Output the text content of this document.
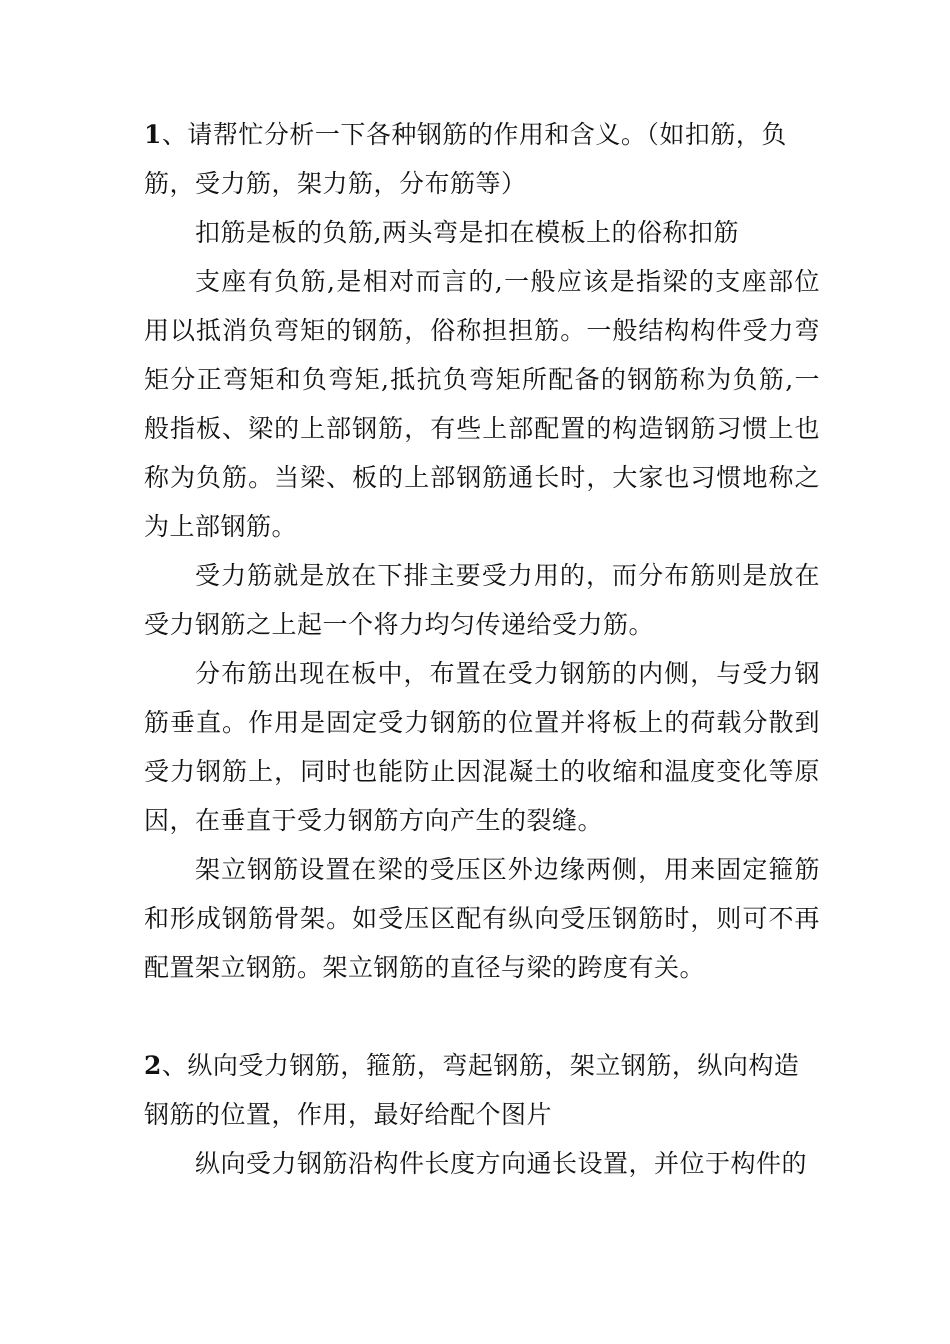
1、请帮忙分析一下各种钢筋的作用和含义。（如扣筋，负筋，受力筋，架力筋，分布筋等）

扣筋是板的负筋,两头弯是扣在模板上的俗称扣筋

支座有负筋,是相对而言的,一般应该是指梁的支座部位用以抵消负弯矩的钢筋，俗称担担筋。一般结构构件受力弯矩分正弯矩和负弯矩,抵抗负弯矩所配备的钢筋称为负筋,一般指板、梁的上部钢筋，有些上部配置的构造钢筋习惯上也称为负筋。当梁、板的上部钢筋通长时，大家也习惯地称之为上部钢筋。

受力筋就是放在下排主要受力用的，而分布筋则是放在受力钢筋之上起一个将力均匀传递给受力筋。

分布筋出现在板中，布置在受力钢筋的内侧，与受力钢筋垂直。作用是固定受力钢筋的位置并将板上的荷载分散到受力钢筋上，同时也能防止因混凝土的收缩和温度变化等原因，在垂直于受力钢筋方向产生的裂缝。

架立钢筋设置在梁的受压区外边缘两侧，用来固定箍筋和形成钢筋骨架。如受压区配有纵向受压钢筋时，则可不再配置架立钢筋。架立钢筋的直径与梁的跨度有关。

2、纵向受力钢筋，箍筋，弯起钢筋，架立钢筋，纵向构造钢筋的位置，作用，最好给配个图片

纵向受力钢筋沿构件长度方向通长设置，并位于构件的
